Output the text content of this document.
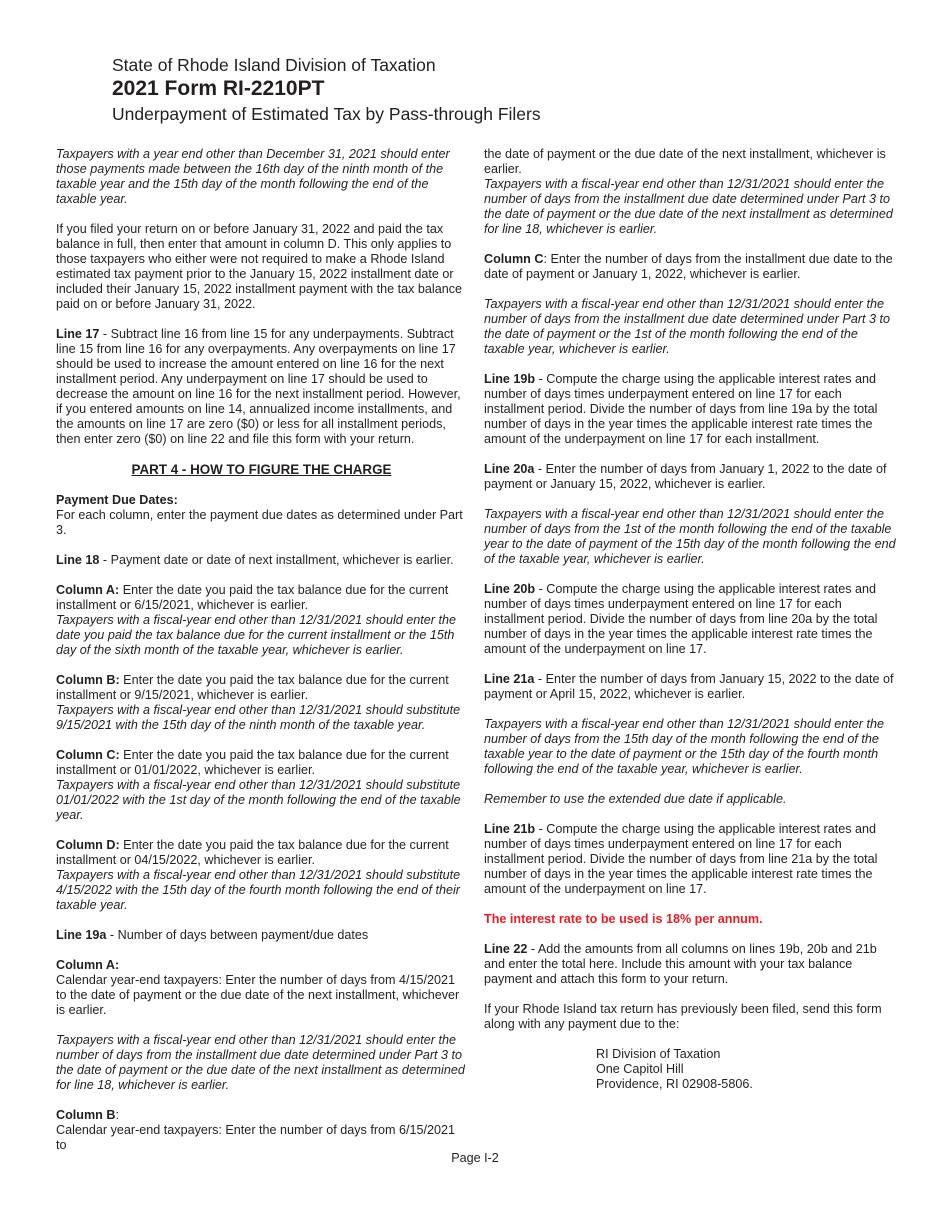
State of Rhode Island Division of Taxation
2021 Form RI-2210PT
Underpayment of Estimated Tax by Pass-through Filers

Taxpayers with a year end other than December 31, 2021 should enter those payments made between the 16th day of the ninth month of the taxable year and the 15th day of the month following the end of the taxable year.

If you filed your return on or before January 31, 2022 and paid the tax balance in full, then enter that amount in column D. This only applies to those taxpayers who either were not required to make a Rhode Island estimated tax payment prior to the January 15, 2022 installment date or included their January 15, 2022 installment payment with the tax balance paid on or before January 31, 2022.

Line 17 - Subtract line 16 from line 15 for any underpayments. Subtract line 15 from line 16 for any overpayments. Any overpayments on line 17 should be used to increase the amount entered on line 16 for the next installment period. Any underpayment on line 17 should be used to decrease the amount on line 16 for the next installment period. However, if you entered amounts on line 14, annualized income installments, and the amounts on line 17 are zero ($0) or less for all installment periods, then enter zero ($0) on line 22 and file this form with your return.

PART 4 - HOW TO FIGURE THE CHARGE

Payment Due Dates:
For each column, enter the payment due dates as determined under Part 3.

Line 18 - Payment date or date of next installment, whichever is earlier.

Column A: Enter the date you paid the tax balance due for the current installment or 6/15/2021, whichever is earlier.
Taxpayers with a fiscal-year end other than 12/31/2021 should enter the date you paid the tax balance due for the current installment or the 15th day of the sixth month of the taxable year, whichever is earlier.

Column B: Enter the date you paid the tax balance due for the current installment or 9/15/2021, whichever is earlier.
Taxpayers with a fiscal-year end other than 12/31/2021 should substitute 9/15/2021 with the 15th day of the ninth month of the taxable year.

Column C: Enter the date you paid the tax balance due for the current installment or 01/01/2022, whichever is earlier.
Taxpayers with a fiscal-year end other than 12/31/2021 should substitute 01/01/2022 with the 1st day of the month following the end of the taxable year.

Column D: Enter the date you paid the tax balance due for the current installment or 04/15/2022, whichever is earlier.
Taxpayers with a fiscal-year end other than 12/31/2021 should substitute 4/15/2022 with the 15th day of the fourth month following the end of their taxable year.

Line 19a - Number of days between payment/due dates

Column A:
Calendar year-end taxpayers: Enter the number of days from 4/15/2021 to the date of payment or the due date of the next installment, whichever is earlier.

Taxpayers with a fiscal-year end other than 12/31/2021 should enter the number of days from the installment due date determined under Part 3 to the date of payment or the due date of the next installment as determined for line 18, whichever is earlier.

Column B:
Calendar year-end taxpayers: Enter the number of days from 6/15/2021 to

the date of payment or the due date of the next installment, whichever is earlier.
Taxpayers with a fiscal-year end other than 12/31/2021 should enter the number of days from the installment due date determined under Part 3 to the date of payment or the due date of the next installment as determined for line 18, whichever is earlier.

Column C: Enter the number of days from the installment due date to the date of payment or January 1, 2022, whichever is earlier.

Taxpayers with a fiscal-year end other than 12/31/2021 should enter the number of days from the installment due date determined under Part 3 to the date of payment or the 1st of the month following the end of the taxable year, whichever is earlier.

Line 19b - Compute the charge using the applicable interest rates and number of days times underpayment entered on line 17 for each installment period. Divide the number of days from line 19a by the total number of days in the year times the applicable interest rate times the amount of the underpayment on line 17 for each installment.

Line 20a - Enter the number of days from January 1, 2022 to the date of payment or January 15, 2022, whichever is earlier.

Taxpayers with a fiscal-year end other than 12/31/2021 should enter the number of days from the 1st of the month following the end of the taxable year to the date of payment of the 15th day of the month following the end of the taxable year, whichever is earlier.

Line 20b - Compute the charge using the applicable interest rates and number of days times underpayment entered on line 17 for each installment period. Divide the number of days from line 20a by the total number of days in the year times the applicable interest rate times the amount of the underpayment on line 17.

Line 21a - Enter the number of days from January 15, 2022 to the date of payment or April 15, 2022, whichever is earlier.

Taxpayers with a fiscal-year end other than 12/31/2021 should enter the number of days from the 15th day of the month following the end of the taxable year to the date of payment or the 15th day of the fourth month following the end of the taxable year, whichever is earlier.

Remember to use the extended due date if applicable.

Line 21b - Compute the charge using the applicable interest rates and number of days times underpayment entered on line 17 for each installment period. Divide the number of days from line 21a by the total number of days in the year times the applicable interest rate times the amount of the underpayment on line 17.

The interest rate to be used is 18% per annum.

Line 22 - Add the amounts from all columns on lines 19b, 20b and 21b and enter the total here. Include this amount with your tax balance payment and attach this form to your return.

If your Rhode Island tax return has previously been filed, send this form along with any payment due to the:

RI Division of Taxation
One Capitol Hill
Providence, RI 02908-5806.
Page I-2
